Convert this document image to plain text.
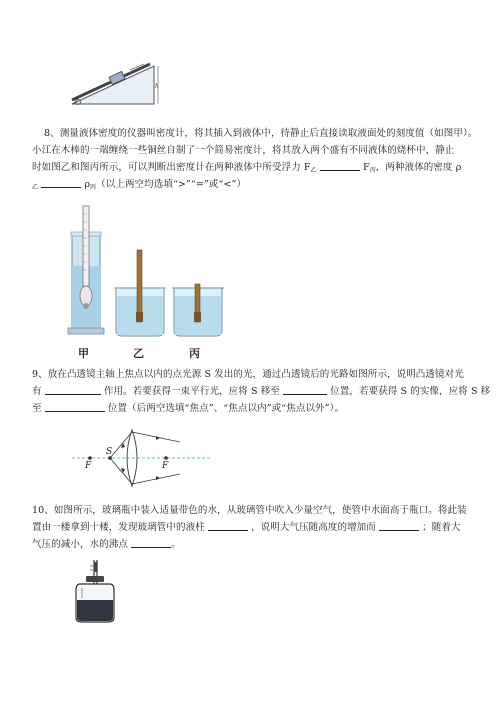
h
8、测量液体密度的仪器叫密度计，将其插入到液体中，待静止后直接读取液面处的刻度值（如图甲）。
小江在木棒的一端缠绕一些铜丝自制了一个简易密度计，将其放入两个盛有不同液体的烧杯中，静止
时如图乙和图丙所示，可以判断出密度计在两种液体中所受浮力 $F_乙$	$F_丙$，两种液体的密度 ρ
$_乙$	$\rho_丙$（以上两空均选填“>”“=”或“<”）
甲	乙	丙
9、放在凸透镜主轴上焦点以内的点光源 S 发出的光，通过凸透镜后的光路如图所示，说明凸透镜对光
有	作用。若要获得一束平行光，应将 S 移至	位置，若要获得 S 的实像，应将 S 移
至	位置（后两空选填“焦点”、“焦点以内”或“焦点以外”）。
S
F	F
10、如图所示，玻璃瓶中装入适量带色的水，从玻璃管中吹入少量空气，使管中水面高于瓶口。将此装
置由一楼拿到十楼，发现玻璃管中的液柱	，说明大气压随高度的增加而	；随着大
气压的减小，水的沸点	。
